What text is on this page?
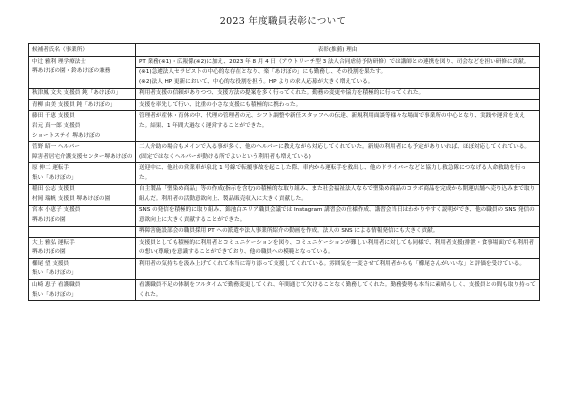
2023 年度職員表彰について
候補者氏名（事業所）	表彰(推薦) 理由

中辻 雅利 理学療法士
堺あけぼの園・鈴あけぼの兼務	PT 業務(※1)・広報係(※2)に加え、2023 年 8 月 4 日（アウトリーチ型 3 法人合同虐待予防研修）では講師との連携を図り、司会などを担い研修に貢献。
(※1)急遽法人セラピストの中心的な存在となり、楽「あけぼの」にも勤務し、その役割を果たす。
(※2)法人 HP 更新において、中心的な役割を担う。HP よりの求人応募が大きく増えている。

秋津鳳 文夫 支援員 鈍「あけぼの」	利用者支援の信頼がありつつ、支援方法の提案を多く行ってくれた。勤務の変更や協力を積極的に行ってくれた。

青柳 由美 支援員 鈍「あけぼの」	支援を率先して行い、比重の小さな支援にも積極的に携わった。

藤田 千恵 支援員
岩元 真一郎 支援員
ショートステイ 堺あけぼの	管理者が産休・育休の中、代理の管理者の元、シフト調整や新任スタッフへの伝達、新規利用面談等様々な場面で事業所の中心となり、実践や運営を支えた。結果、1 年間大過なく運営することができた。

菅野 昭一 ヘルパー
障害者居宅介護支援センター堺あけぼの	二人介助の場合もメインで入る事が多く、他のヘルパーに教えながら対応してくれていた。新規の利用者にも予定がありいれば、ほぼ対応してくれている。(固定ではなくヘルパーが動ける所でよいという利用者も増えている)

原 伸二 運転手
集い「あけぼの」	送迎中に、他社の営業車が泉北 1 号線で転覆事故を起こした際、車内から運転手を救出し、他のドライバーなどと協力し救急隊につなげる人命救助を行った。

稲田 公志 支援員
村岡 瑞帆 支援員 堺あけぼの園	自主製品「聖染め商品」等の作成(指示を含む)の積極的な取り組み、また社会福祉法人ならで聖染め商品のコラボ商品を完成から開運店舗へ売り込みまで取り組んだ。利用者の活動意欲向上、製品販売収入に大きく貢献した。

宮本 小恵子 支援員
堺あけぼの園	SNS の発信を積極的に取り組み、錦池白エリア職員会議では Instagram 講習会の仕様作成、講習会当日はわかりやすく説明ができ、他の職員の SNS 発信の意欲向上に大きく貢献することができた。

	堺障害施設部会の職員採用 PT への派遣や法人事業所紹介の動画を作成。法人の SNS による情報発信にも大きく貢献。

大上 雅弘 運転手
堺あけぼの園	支援員としても積極的に利用者とコミュニケーションを図り、コミュニケーションが難しい利用者に対しても同様で、利用者支援(排泄・食事場面)でも利用者の想い(尊厳)を意識することができており、他の職員への模範となっている。

櫛尾 望 支援員
集い「あけぼの」	利用者の気持ちを汲み上げてくれて本当に寄り添って支援してくれている。雰囲気を一変させて利用者からも「櫛尾さんがいいな」と評価を受けている。

山崎 恵子 看護職員
集い「あけぼの」	看護職員不足の体制をフルタイムで勤務変更してくれ、年間通じて欠けることなく勤務してくれた。勤務姿勢も本当に素晴らしく、支援員との間も取り持ってくれた。
